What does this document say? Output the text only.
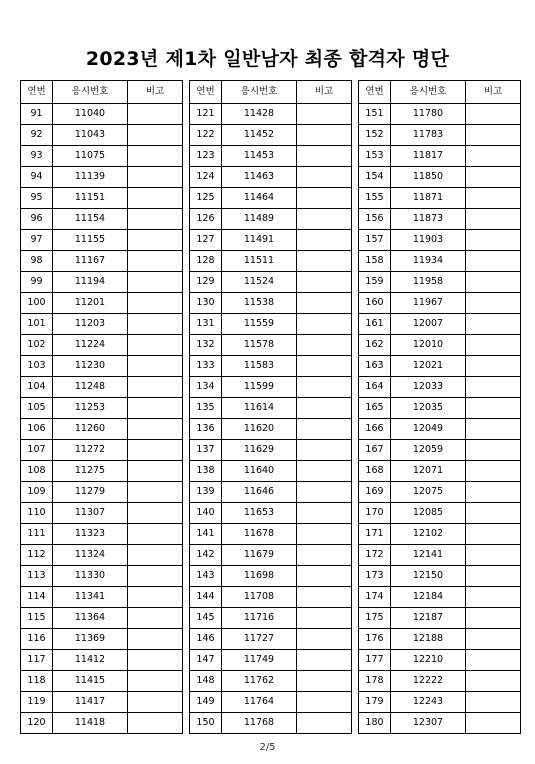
2023년 제1차 일반남자 최종 합격자 명단
연번	응시번호	비고
91	11040	
92	11043	
93	11075	
94	11139	
95	11151	
96	11154	
97	11155	
98	11167	
99	11194	
100	11201	
101	11203	
102	11224	
103	11230	
104	11248	
105	11253	
106	11260	
107	11272	
108	11275	
109	11279	
110	11307	
111	11323	
112	11324	
113	11330	
114	11341	
115	11364	
116	11369	
117	11412	
118	11415	
119	11417	
120	11418	
연번	응시번호	비고
121	11428	
122	11452	
123	11453	
124	11463	
125	11464	
126	11489	
127	11491	
128	11511	
129	11524	
130	11538	
131	11559	
132	11578	
133	11583	
134	11599	
135	11614	
136	11620	
137	11629	
138	11640	
139	11646	
140	11653	
141	11678	
142	11679	
143	11698	
144	11708	
145	11716	
146	11727	
147	11749	
148	11762	
149	11764	
150	11768	
연번	응시번호	비고
151	11780	
152	11783	
153	11817	
154	11850	
155	11871	
156	11873	
157	11903	
158	11934	
159	11958	
160	11967	
161	12007	
162	12010	
163	12021	
164	12033	
165	12035	
166	12049	
167	12059	
168	12071	
169	12075	
170	12085	
171	12102	
172	12141	
173	12150	
174	12184	
175	12187	
176	12188	
177	12210	
178	12222	
179	12243	
180	12307	
2/5
